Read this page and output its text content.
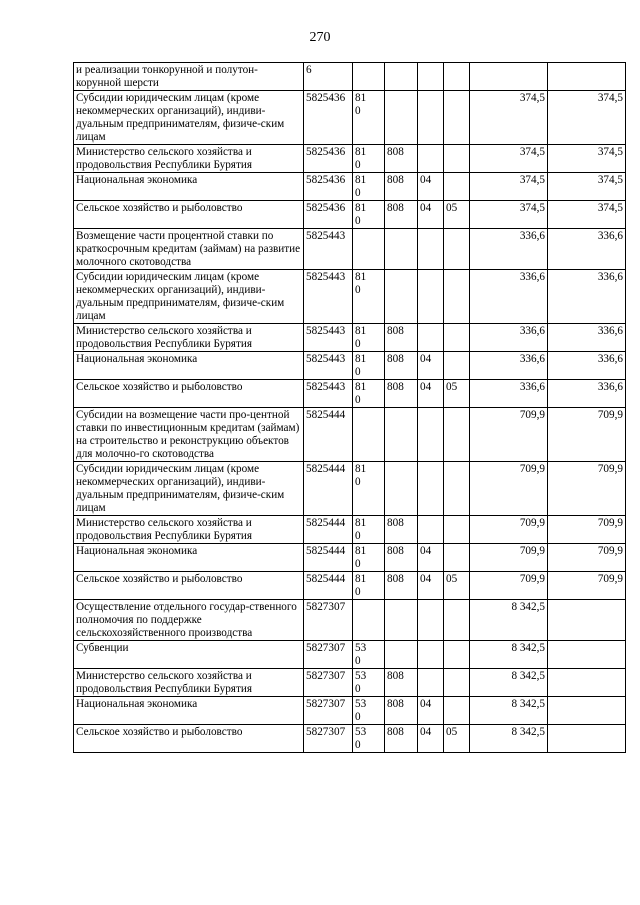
270
и реализации тонкорунной и полутон-корунной шерсти	6						

Субсидии юридическим лицам (кроме некоммерческих организаций), индиви-дуальным предпринимателям, физиче-ским лицам	5825436	810				374,5	374,5
Министерство сельского хозяйства и продовольствия Республики Бурятия	5825436	810	808			374,5	374,5
Национальная экономика	5825436	810	808	04		374,5	374,5
Сельское хозяйство и рыболовство	5825436	810	808	04	05	374,5	374,5
Возмещение части процентной ставки по краткосрочным кредитам (займам) на развитие молочного скотоводства	5825443					336,6	336,6
Субсидии юридическим лицам (кроме некоммерческих организаций), индиви-дуальным предпринимателям, физиче-ским лицам	5825443	810				336,6	336,6
Министерство сельского хозяйства и продовольствия Республики Бурятия	5825443	810	808			336,6	336,6
Национальная экономика	5825443	810	808	04		336,6	336,6
Сельское хозяйство и рыболовство	5825443	810	808	04	05	336,6	336,6
Субсидии на возмещение части про-центной ставки по инвестиционным кредитам (займам) на строительство и реконструкцию объектов для молочно-го скотоводства	5825444					709,9	709,9
Субсидии юридическим лицам (кроме некоммерческих организаций), индиви-дуальным предпринимателям, физиче-ским лицам	5825444	810				709,9	709,9
Министерство сельского хозяйства и продовольствия Республики Бурятия	5825444	810	808			709,9	709,9
Национальная экономика	5825444	810	808	04		709,9	709,9
Сельское хозяйство и рыболовство	5825444	810	808	04	05	709,9	709,9
Осуществление отдельного государ-ственного полномочия по поддержке сельскохозяйственного производства	5827307					8 342,5	
Субвенции	5827307	530				8 342,5	
Министерство сельского хозяйства и продовольствия Республики Бурятия	5827307	530	808			8 342,5	
Национальная экономика	5827307	530	808	04		8 342,5	
Сельское хозяйство и рыболовство	5827307	530	808	04	05	8 342,5	
